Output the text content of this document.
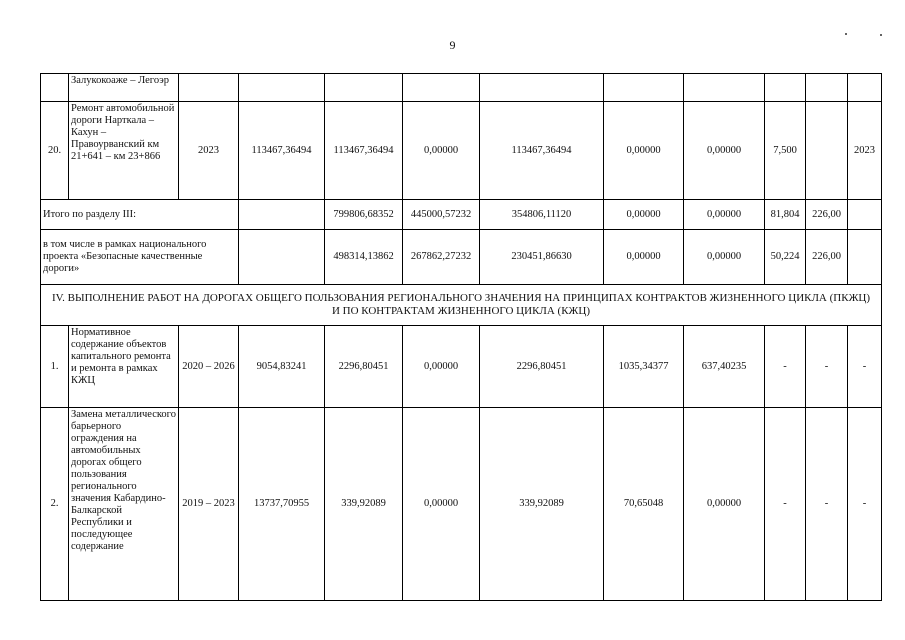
9
	Залукокоаже – Легоэр										
20.	Ремонт автомобильной дороги Нарткала – Кахун – Правоурванский км 21+641 – км 23+866	2023	113467,36494	113467,36494	0,00000	113467,36494	0,00000	0,00000	7,500		2023
Итого по разделу III:				799806,68352	445000,57232	354806,11120	0,00000	0,00000	81,804	226,00	
в том числе в рамках национального проекта «Безопасные качественные дороги»				498314,13862	267862,27232	230451,86630	0,00000	0,00000	50,224	226,00	
IV. ВЫПОЛНЕНИЕ РАБОТ НА ДОРОГАХ ОБЩЕГО ПОЛЬЗОВАНИЯ РЕГИОНАЛЬНОГО ЗНАЧЕНИЯ НА ПРИНЦИПАХ КОНТРАКТОВ ЖИЗНЕННОГО ЦИКЛА (ПКЖЦ) И ПО КОНТРАКТАМ ЖИЗНЕННОГО ЦИКЛА (КЖЦ)											
1.	Нормативное содержание объектов капитального ремонта и ремонта в рамках КЖЦ	2020 – 2026	9054,83241	2296,80451	0,00000	2296,80451	1035,34377	637,40235	-	-	-
2.	Замена металлического барьерного ограждения на автомобильных дорогах общего пользования регионального значения Кабардино-Балкарской Республики и последующее содержание	2019 – 2023	13737,70955	339,92089	0,00000	339,92089	70,65048	0,00000	-	-	-
